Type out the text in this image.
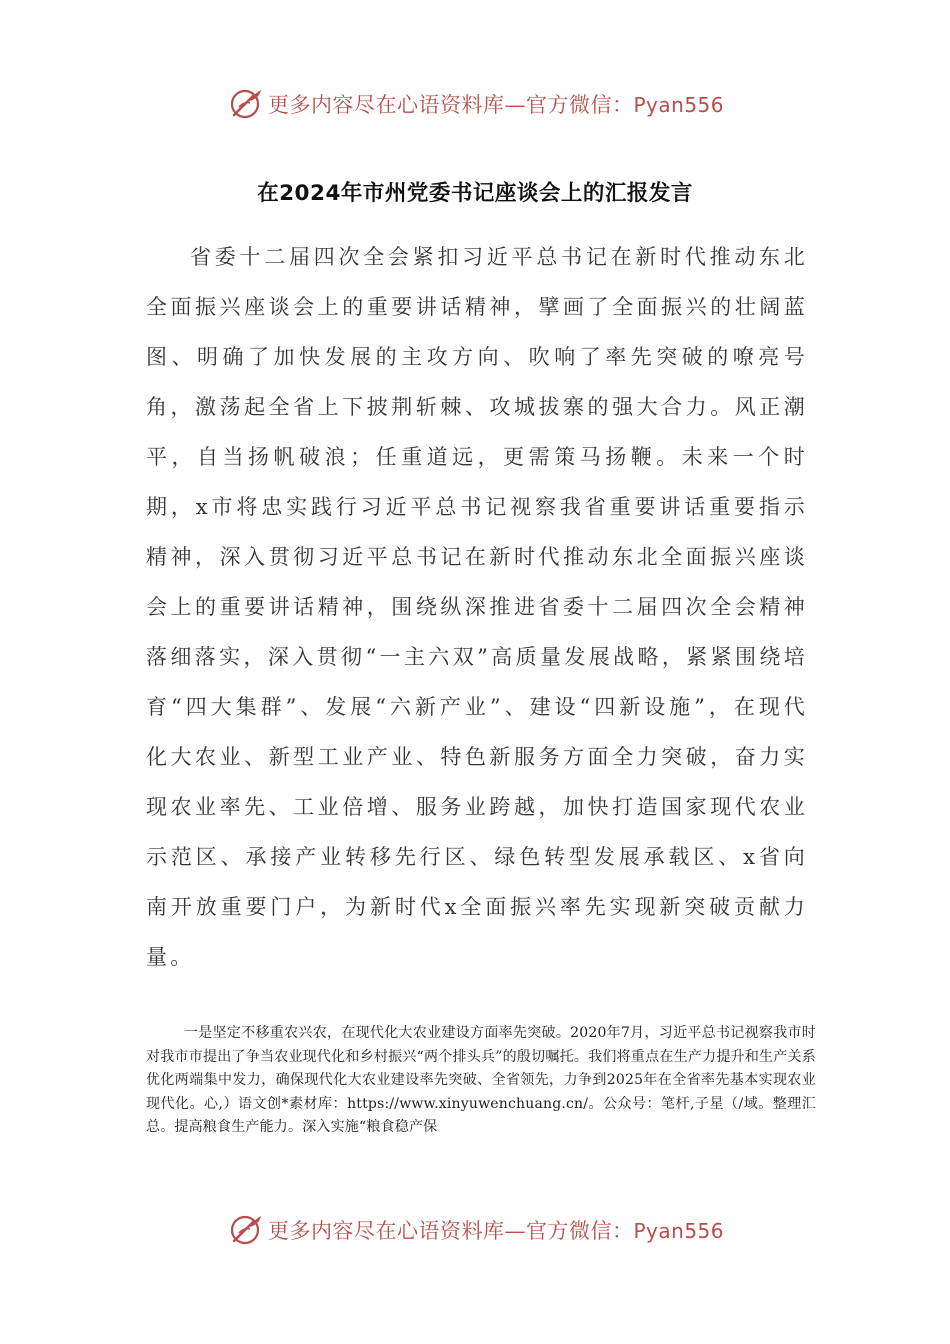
更多内容尽在心语资料库—官方微信：Pyan556
在2024年市州党委书记座谈会上的汇报发言

省委十二届四次全会紧扣习近平总书记在新时代推动东北全面振兴座谈会上的重要讲话精神，擘画了全面振兴的壮阔蓝图、明确了加快发展的主攻方向、吹响了率先突破的嘹亮号角，激荡起全省上下披荆斩棘、攻城拔寨的强大合力。风正潮平，自当扬帆破浪；任重道远，更需策马扬鞭。未来一个时期，x市将忠实践行习近平总书记视察我省重要讲话重要指示精神，深入贯彻习近平总书记在新时代推动东北全面振兴座谈会上的重要讲话精神，围绕纵深推进省委十二届四次全会精神落细落实，深入贯彻“一主六双”高质量发展战略，紧紧围绕培育“四大集群”、发展“六新产业”、建设“四新设施”，在现代化大农业、新型工业产业、特色新服务方面全力突破，奋力实现农业率先、工业倍增、服务业跨越，加快打造国家现代农业示范区、承接产业转移先行区、绿色转型发展承载区、x省向南开放重要门户，为新时代x全面振兴率先实现新突破贡献力量。

一是坚定不移重农兴农，在现代化大农业建设方面率先突破。2020年7月，习近平总书记视察我市时对我市市提出了争当农业现代化和乡村振兴“两个排头兵”的殷切嘱托。我们将重点在生产力提升和生产关系优化两端集中发力，确保现代化大农业建设率先突破、全省领先，力争到2025年在全省率先基本实现农业现代化。心,）语文创*素材库：https://www.xinyuwenchuang.cn/。公众号：笔杆,子星（/域。整理汇总。提高粮食生产能力。深入实施“粮食稳产保

更多内容尽在心语资料库—官方微信：Pyan556
